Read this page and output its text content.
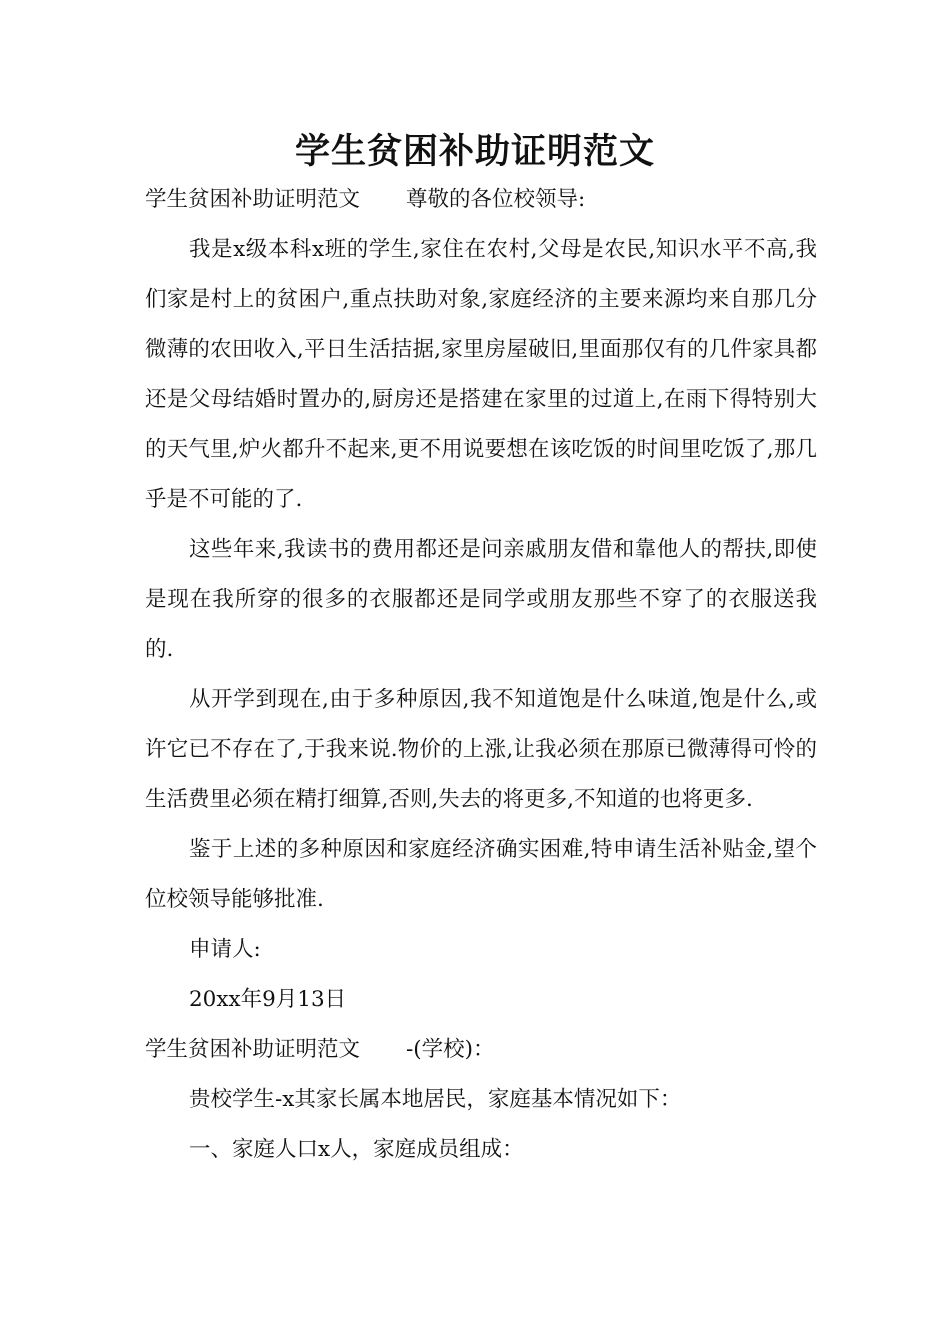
学生贫困补助证明范文

学生贫困补助证明范文 尊敬的各位校领导:

我是x级本科x班的学生,家住在农村,父母是农民,知识水平不高,我们家是村上的贫困户,重点扶助对象,家庭经济的主要来源均来自那几分微薄的农田收入,平日生活拮据,家里房屋破旧,里面那仅有的几件家具都还是父母结婚时置办的,厨房还是搭建在家里的过道上,在雨下得特别大的天气里,炉火都升不起来,更不用说要想在该吃饭的时间里吃饭了,那几乎是不可能的了.

这些年来,我读书的费用都还是问亲戚朋友借和靠他人的帮扶,即使是现在我所穿的很多的衣服都还是同学或朋友那些不穿了的衣服送我的.

从开学到现在,由于多种原因,我不知道饱是什么味道,饱是什么,或许它已不存在了,于我来说.物价的上涨,让我必须在那原已微薄得可怜的生活费里必须在精打细算,否则,失去的将更多,不知道的也将更多.

鉴于上述的多种原因和家庭经济确实困难,特申请生活补贴金,望个位校领导能够批准.

申请人:

20xx年9月13日

学生贫困补助证明范文 -(学校)：

贵校学生-x其家长属本地居民，家庭基本情况如下：

一、家庭人口x人，家庭成员组成：
